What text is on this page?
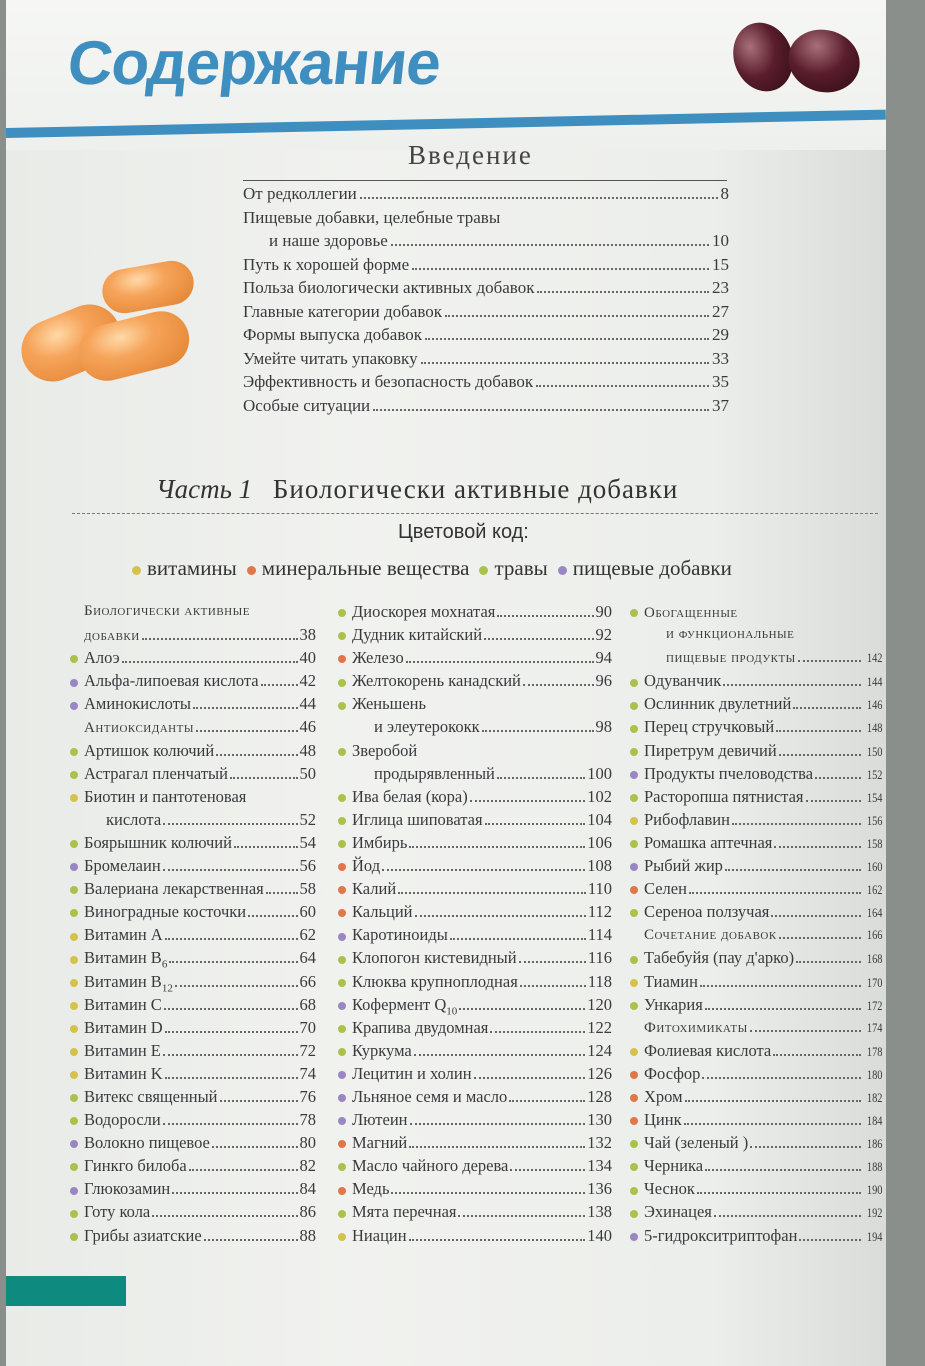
Содержание
Введение
От редколлегии	8
Пищевые добавки, целебные травы
и наше здоровье	10
Путь к хорошей форме	15
Польза биологически активных добавок	23
Главные категории добавок	27
Формы выпуска добавок	29
Умейте читать упаковку	33
Эффективность и безопасность добавок	35
Особые ситуации	37
Часть 1 Биологически активные добавки
Цветовой код:
витамины минеральные вещества травы пищевые добавки
Биологически активные
добавки	38
Алоэ	40
Альфа-липоевая кислота 42
Аминокислоты	44
Антиоксиданты	46
Артишок колючий	48
Астрагал пленчатый	50
Биотин и пантотеновая
кислота	52
Боярышник колючий	54
Бромелаин	56
Валериана лекарственная 58
Виноградные косточки	60
Витамин A	62
Витамин $B_6$	64
Витамин $B_{12}$	66
Витамин C	68
Витамин D	70
Витамин E	72
Витамин K	74
Витекс священный	76
Водоросли	78
Волокно пищевое	80
Гинкго билоба	82
Глюкозамин	84
Готу кола	86
Грибы азиатские	88
Диоскорея мохнатая	90
Дудник китайский	92
Железо	94
Желтокорень канадский	96
Женьшень
и элеутерококк	98
Зверобой
продырявленный	100
Ива белая (кора)	102
Иглица шиповатая	104
Имбирь	106
Йод	108
Калий	110
Кальций	112
Каротиноиды	114
Клопогон кистевидный	116
Клюква крупноплодная	118
Кофермент $Q_{10}$	120
Крапива двудомная	122
Куркума	124
Лецитин и холин	126
Льняное семя и масло	128
Лютеин	130
Магний	132
Масло чайного дерева	134
Медь	136
Мята перечная	138
Ниацин	140
Обогащенные
и функциональные
пищевые продукты	142
Одуванчик	144
Ослинник двулетний	146
Перец стручковый	148
Пиретрум девичий	150
Продукты пчеловодства	152
Расторопша пятнистая	154
Рибофлавин	156
Ромашка аптечная	158
Рыбий жир	160
Селен	162
Сереноа ползучая	164
Сочетание добавок	166
Табебуйя (пау д'арко)	168
Тиамин	170
Ункария	172
Фитохимикаты	174
Фолиевая кислота	178
Фосфор	180
Хром	182
Цинк	184
Чай (зеленый )	186
Черника	188
Чеснок	190
Эхинацея	192
5-гидрокситриптофан	194
